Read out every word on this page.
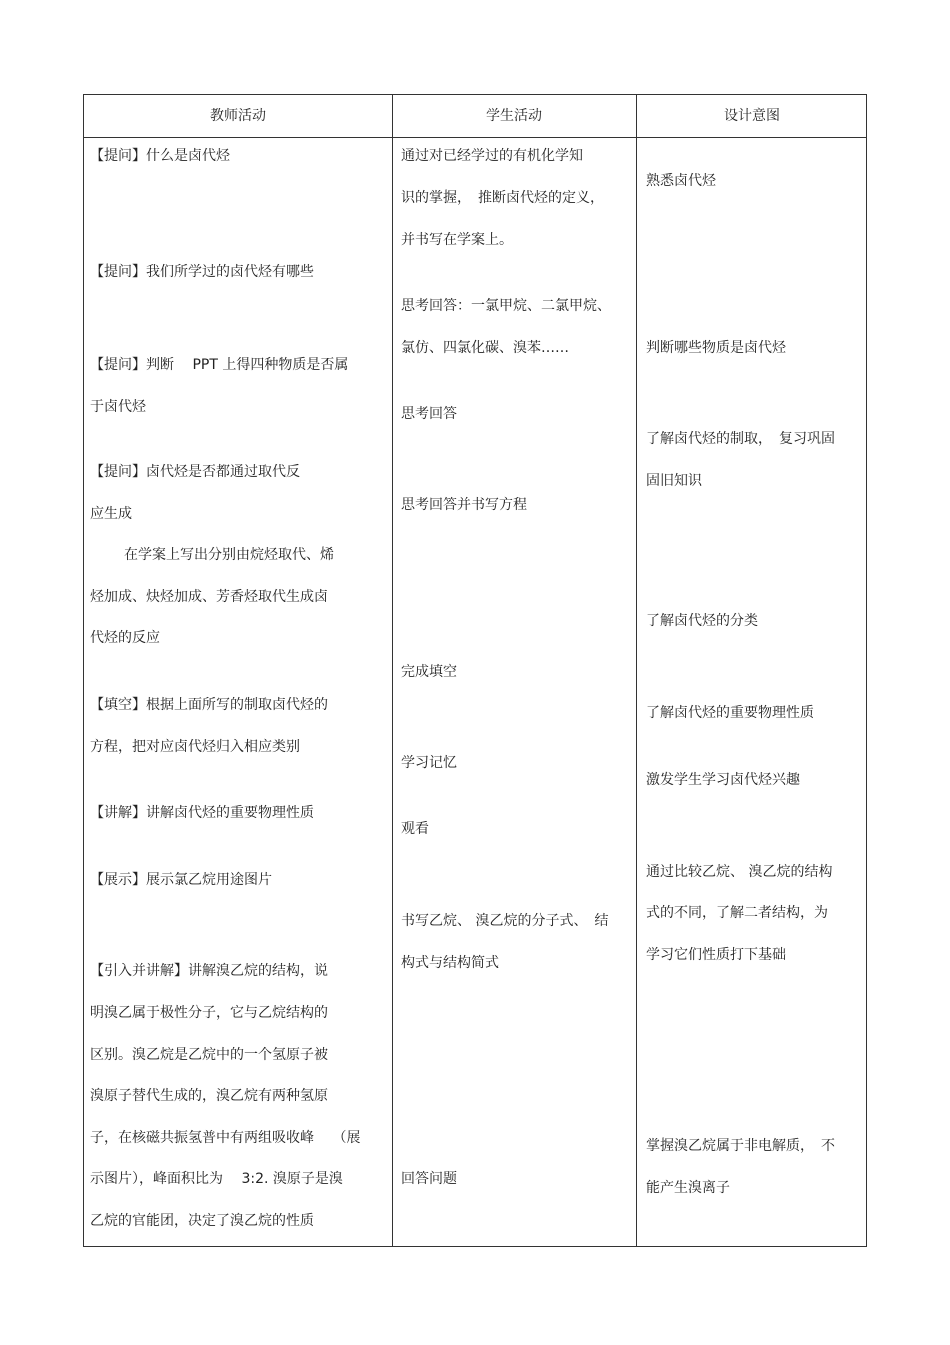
教师活动	学生活动	设计意图
【提问】什么是卤代烃
【提问】我们所学过的卤代烃有哪些
【提问】判断　 PPT 上得四种物质是否属
于卤代烃
【提问】卤代烃是否都通过取代反
应生成
在学案上写出分别由烷烃取代、烯
烃加成、炔烃加成、芳香烃取代生成卤
代烃的反应
【填空】根据上面所写的制取卤代烃的
方程，把对应卤代烃归入相应类别
【讲解】讲解卤代烃的重要物理性质
【展示】展示氯乙烷用途图片
【引入并讲解】讲解溴乙烷的结构，说
明溴乙属于极性分子，它与乙烷结构的
区别。溴乙烷是乙烷中的一个氢原子被
溴原子替代生成的，溴乙烷有两种氢原
子，在核磁共振氢普中有两组吸收峰　 （展
示图片），峰面积比为　 3:2. 溴原子是溴
乙烷的官能团，决定了溴乙烷的性质
通过对已经学过的有机化学知
识的掌握，　推断卤代烃的定义，
并书写在学案上。
思考回答：一氯甲烷、二氯甲烷、
氯仿、四氯化碳、溴苯……
思考回答
思考回答并书写方程
完成填空
学习记忆
观看
书写乙烷、 溴乙烷的分子式、　结
构式与结构简式
回答问题
熟悉卤代烃
判断哪些物质是卤代烃
了解卤代烃的制取，　复习巩固
固旧知识
了解卤代烃的分类
了解卤代烃的重要物理性质
激发学生学习卤代烃兴趣
通过比较乙烷、 溴乙烷的结构
式的不同，了解二者结构，为
学习它们性质打下基础
掌握溴乙烷属于非电解质，　不
能产生溴离子
